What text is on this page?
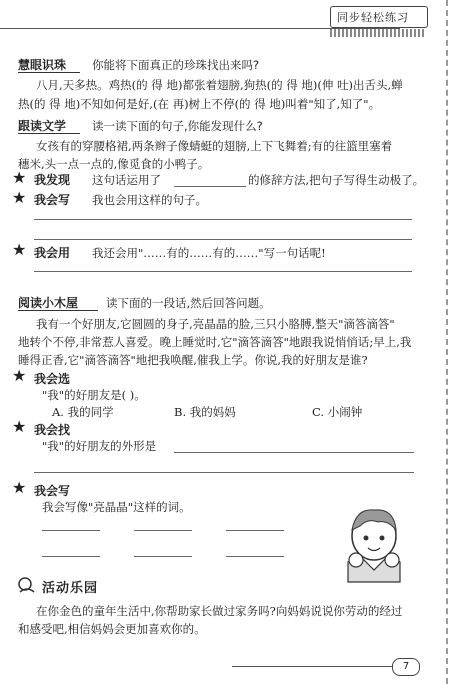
同步轻松练习
慧眼识珠 你能将下面真正的珍珠找出来吗?
八月,天多热。鸡热(的 得 地)都张着翅膀,狗热(的 得 地)(伸 吐)出舌头,蝉
热(的 得 地)不知如何是好,(在 再)树上不停(的 得 地)叫着"知了,知了"。
跟读文学 读一读下面的句子,你能发现什么?
女孩有的穿腰格裙,两条辫子像蜻蜓的翅膀,上下飞舞着;有的往篮里塞着
穗米,头一点一点的,像觅食的小鸭子。
★ 我发现 这句话运用了	的修辞方法,把句子写得生动极了。
★ 我会写 我也会用这样的句子。
★ 我会用 我还会用"……有的……有的……"写一句话呢!
阅读小木屋 读下面的一段话,然后回答问题。
我有一个好朋友,它圆圆的身子,亮晶晶的脸,三只小胳膊,整天"滴答滴答"
地转个不停,非常惹人喜爱。晚上睡觉时,它"滴答滴答"地跟我说悄悄话;早上,我
睡得正香,它"滴答滴答"地把我唤醒,催我上学。你说,我的好朋友是谁?
★ 我会选
"我"的好朋友是( )。
A. 我的同学	B. 我的妈妈	C. 小闹钟
★ 我会找
"我"的好朋友的外形是
★ 我会写
我会写像"亮晶晶"这样的词。
活动乐园
在你金色的童年生活中,你帮助家长做过家务吗?向妈妈说说你劳动的经过
和感受吧,相信妈妈会更加喜欢你的。
7
